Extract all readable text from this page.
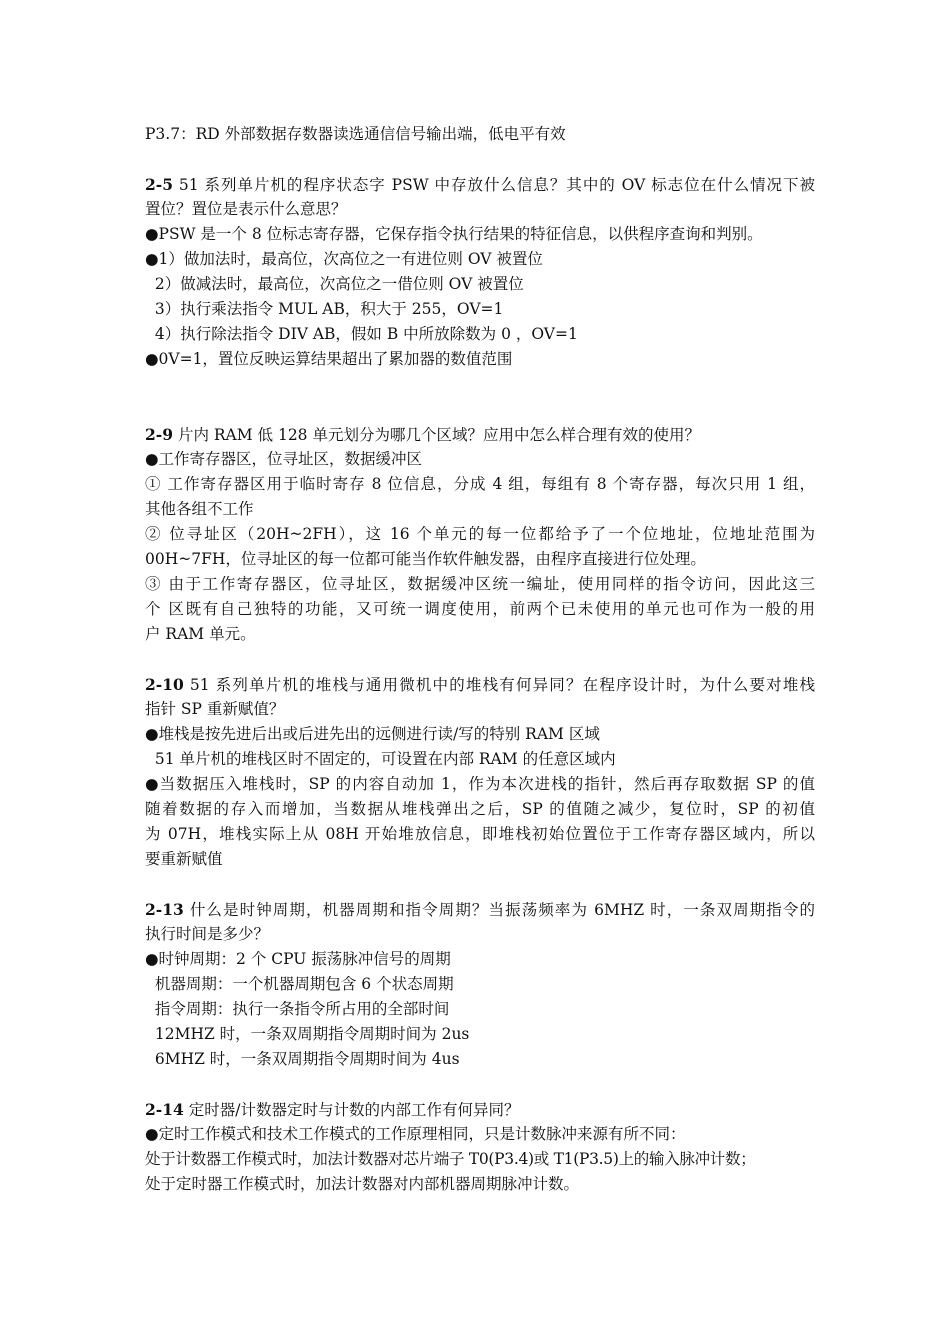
P3.7：RD 外部数据存数器读选通信信号输出端，低电平有效
2-5 51 系列单片机的程序状态字 PSW 中存放什么信息？其中的 OV 标志位在什么情况下被
置位？置位是表示什么意思？
●PSW 是一个 8 位标志寄存器，它保存指令执行结果的特征信息，以供程序查询和判别。
●1）做加法时，最高位，次高位之一有进位则 OV 被置位
2）做减法时，最高位，次高位之一借位则 OV 被置位
3）执行乘法指令 MUL AB，积大于 255，OV=1
4）执行除法指令 DIV AB，假如 B 中所放除数为 0 ，OV=1
●0V=1，置位反映运算结果超出了累加器的数值范围
2-9 片内 RAM 低 128 单元划分为哪几个区域？应用中怎么样合理有效的使用？
●工作寄存器区，位寻址区，数据缓冲区
① 工作寄存器区用于临时寄存 8 位信息，分成 4 组，每组有 8 个寄存器，每次只用 1 组，
其他各组不工作
② 位寻址区（20H~2FH），这 16 个单元的每一位都给予了一个位地址，位地址范围为
00H~7FH，位寻址区的每一位都可能当作软件触发器，由程序直接进行位处理。
③ 由于工作寄存器区，位寻址区，数据缓冲区统一编址，使用同样的指令访问，因此这三
个 区既有自己独特的功能，又可统一调度使用，前两个已未使用的单元也可作为一般的用
户 RAM 单元。
2-10 51 系列单片机的堆栈与通用微机中的堆栈有何异同？在程序设计时，为什么要对堆栈
指针 SP 重新赋值？
●堆栈是按先进后出或后进先出的远侧进行读/写的特别 RAM 区域
51 单片机的堆栈区时不固定的，可设置在内部 RAM 的任意区域内
●当数据压入堆栈时，SP 的内容自动加 1，作为本次进栈的指针，然后再存取数据 SP 的值
随着数据的存入而增加，当数据从堆栈弹出之后，SP 的值随之减少，复位时，SP 的初值
为 07H，堆栈实际上从 08H 开始堆放信息，即堆栈初始位置位于工作寄存器区域内，所以
要重新赋值
2-13 什么是时钟周期，机器周期和指令周期？当振荡频率为 6MHZ 时，一条双周期指令的
执行时间是多少？
●时钟周期：2 个 CPU 振荡脉冲信号的周期
机器周期：一个机器周期包含 6 个状态周期
指令周期：执行一条指令所占用的全部时间
12MHZ 时，一条双周期指令周期时间为 2us
6MHZ 时，一条双周期指令周期时间为 4us
2-14 定时器/计数器定时与计数的内部工作有何异同？
●定时工作模式和技术工作模式的工作原理相同，只是计数脉冲来源有所不同：
处于计数器工作模式时，加法计数器对芯片端子 T0(P3.4)或 T1(P3.5)上的输入脉冲计数；
处于定时器工作模式时，加法计数器对内部机器周期脉冲计数。
